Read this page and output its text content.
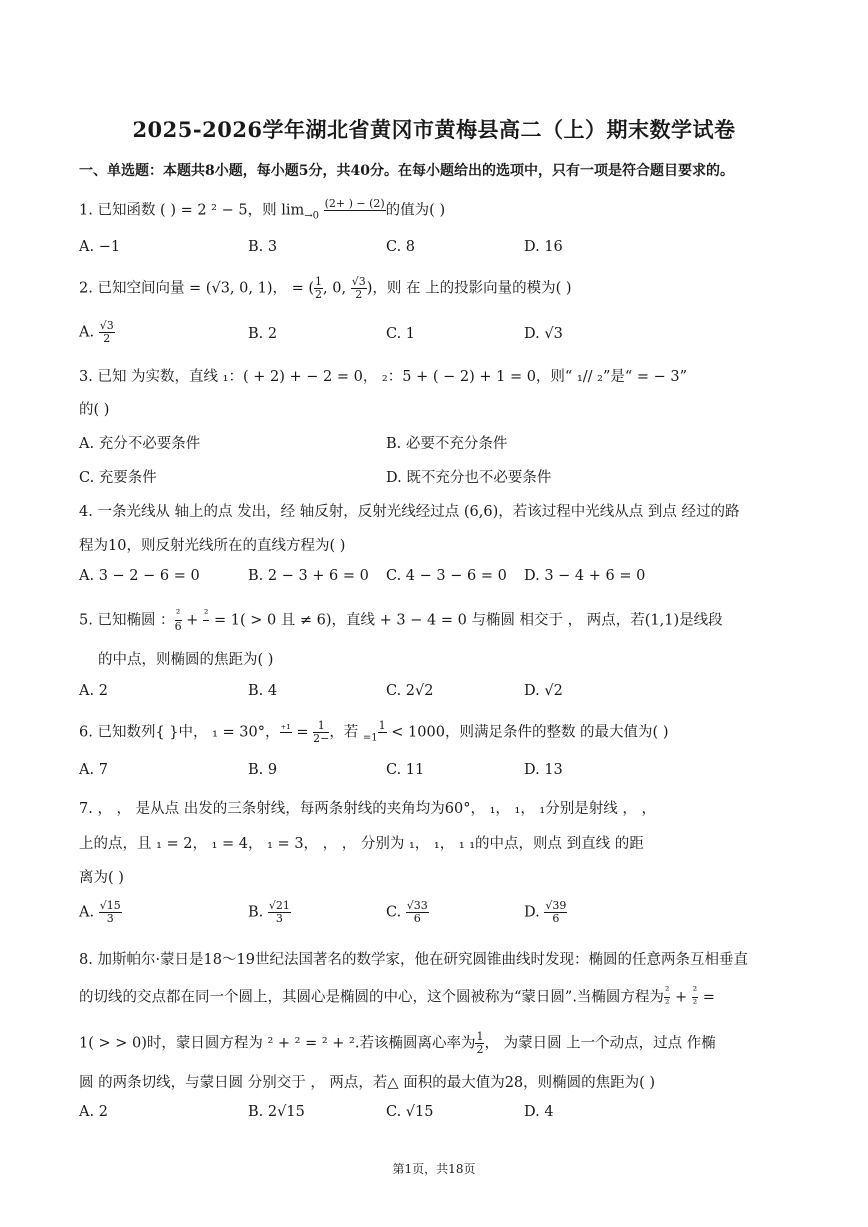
2025-2026学年湖北省黄冈市黄梅县高二（上）期末数学试卷
一、单选题：本题共8小题，每小题5分，共40分。在每小题给出的选项中，只有一项是符合题目要求的。
1. 已知函数 ( ) = 2 ² − 5，则 $\lim_{\to 0}$
(2+ ) − (2)
的值为( )
A. −1	B. 3	C. 8	D. 16
2. 已知空间向量 = (√3, 0, 1)， = ( $\frac{1}{2}$ , 0, $\frac{√3}{2}$ )，则 在 上的投影向量的模为( )
A. $\frac{√3}{2}$	B. 2	C. 1	D. √3
3. 已知 为实数，直线 ₁：( + 2) + − 2 = 0， ₂：5 + ( − 2) + 1 = 0，则“ ₁// ₂”是“ = − 3”
的( )
A. 充分不必要条件	B. 必要不充分条件
C. 充要条件	D. 既不充分也不必要条件
4. 一条光线从 轴上的点 发出，经 轴反射，反射光线经过点 (6,6)，若该过程中光线从点 到点 经过的路
程为10，则反射光线所在的直线方程为( )
A. 3 − 2 − 6 = 0	B. 2 − 3 + 6 = 0 C. 4 − 3 − 6 = 0 D. 3 − 4 + 6 = 0
5. 已知椭圆 ： $\frac{\text{²}}{6} + ^2$
= 1( > 0 且 ≠ 6)，直线 + 3 − 4 = 0 与椭圆 相交于 ， 两点，若(1,1)是线段
的中点，则椭圆的焦距为( )
A. 2	B. 4	C. 2√2	D. √2
6. 已知数列{ }中， ₁ = 30°， ₊₁
= $\frac{1}{2-}$ ，若 $_{=1}$
1
< 1000，则满足条件的整数 的最大值为( )
A. 7	B. 9	C. 11	D. 13
7. ， ， 是从点 出发的三条射线，每两条射线的夹角均为60°， ₁， ₁， ₁分别是射线 ， ，
上的点，且 ₁ = 2， ₁ = 4， ₁ = 3， ， ， 分别为 ₁， ₁， ₁ ₁的中点，则点 到直线 的距
离为( )
A. $\frac{√15}{3}$	B. $\frac{√21}{3}$	C. $\frac{√33}{6}$	D. $\frac{√39}{6}$
8. 加斯帕尔·蒙日是18～19世纪法国著名的数学家，他在研究圆锥曲线时发现：椭圆的任意两条互相垂直
的切线的交点都在同一个圆上，其圆心是椭圆的中心，这个圆被称为“蒙日圆”.当椭圆方程为 $\frac{\text{²}}{\text{²}} + \frac{\text{²}}{\text{²}}$ =
1( > > 0)时，蒙日圆方程为 ² + ² = ² + ².若该椭圆离心率为 $\frac{1}{2}$ ， 为蒙日圆 上一个动点，过点 作椭
圆 的两条切线，与蒙日圆 分别交于 ， 两点，若△ 面积的最大值为28，则椭圆的焦距为( )
A. 2	B. 2√15	C. √15	D. 4
第1页，共18页
